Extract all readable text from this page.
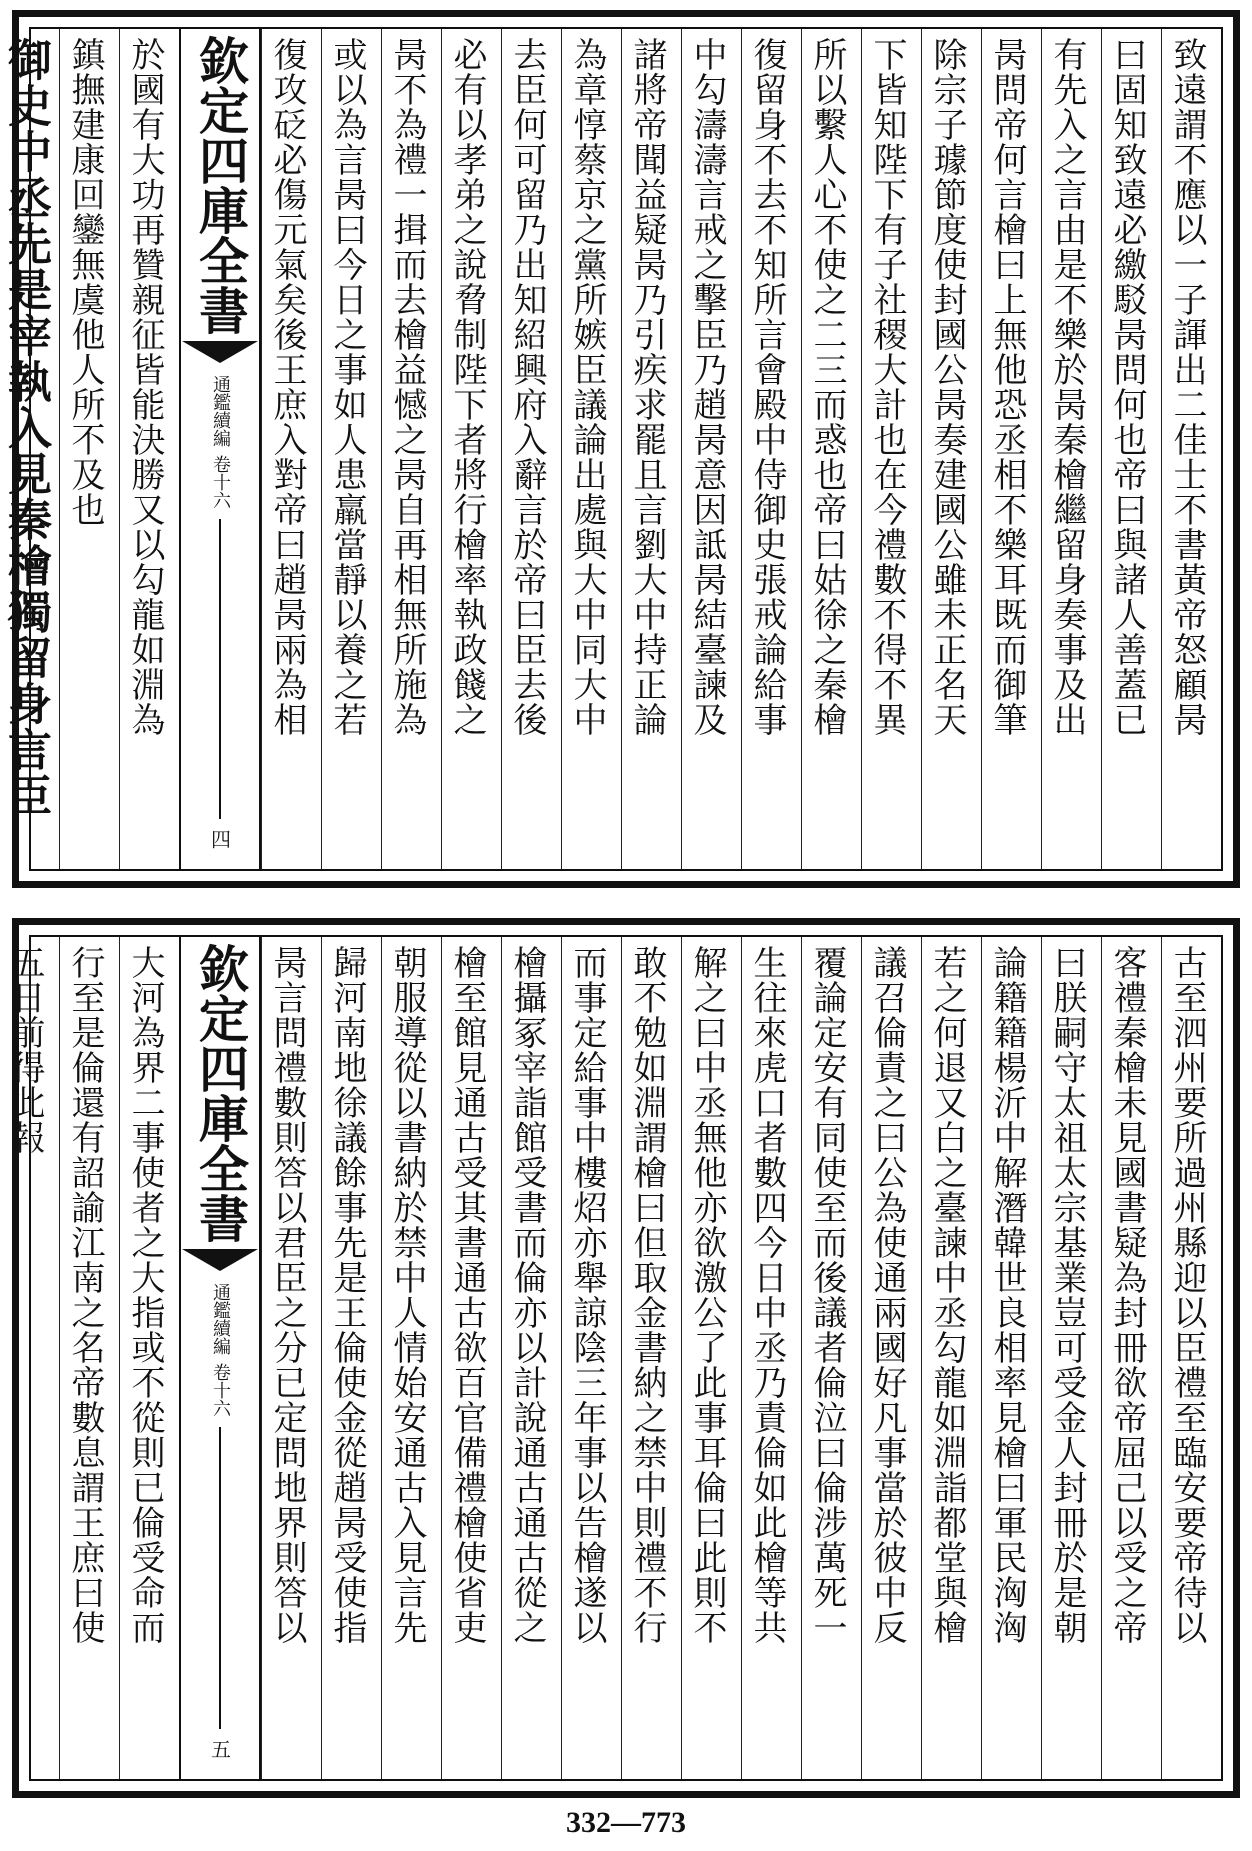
致遠謂不應以一子諢出二佳士不書黃帝怒顧昺
曰固知致遠必繳駁昺問何也帝曰與諸人善蓋已
有先入之言由是不樂於昺秦檜繼留身奏事及出
昺問帝何言檜曰上無他恐丞相不樂耳既而御筆
除宗子璩節度使封國公昺奏建國公雖未正名天
下皆知陛下有子社稷大計也在今禮數不得不異
所以繫人心不使之二三而惑也帝曰姑徐之秦檜
復留身不去不知所言會殿中侍御史張戒論給事
中勾濤濤言戒之擊臣乃趙昺意因詆昺結臺諫及
諸將帝聞益疑昺乃引疾求罷且言劉大中持正論
為章惇蔡京之黨所嫉臣議論出處與大中同大中
去臣何可留乃出知紹興府入辭言於帝曰臣去後
必有以孝弟之說脅制陛下者將行檜率執政餞之
昺不為禮一揖而去檜益憾之昺自再相無所施為
或以為言昺曰今日之事如人患羸當靜以養之若
復攻砭必傷元氣矣後王庶入對帝曰趙昺兩為相
欽定四庫全書
通鑑續編
卷十六
四
於國有大功再贊親征皆能決勝又以勾龍如淵為
鎮撫建康回鑾無虞他人所不及也
御史中丞先是宰執入見秦檜獨留身言臣
古至泗州要所過州縣迎以臣禮至臨安要帝待以
客禮秦檜未見國書疑為封冊欲帝屈己以受之帝
曰朕嗣守太祖太宗基業豈可受金人封冊於是朝
論籍籍楊沂中解潛韓世良相率見檜曰軍民洶洶
若之何退又白之臺諫中丞勾龍如淵詣都堂與檜
議召倫責之曰公為使通兩國好凡事當於彼中反
覆論定安有同使至而後議者倫泣曰倫涉萬死一
生往來虎口者數四今日中丞乃責倫如此檜等共
解之曰中丞無他亦欲激公了此事耳倫曰此則不
敢不勉如淵謂檜曰但取金書納之禁中則禮不行
而事定給事中樓炤亦舉諒陰三年事以告檜遂以
檜攝冢宰詣館受書而倫亦以計說通古通古從之
檜至館見通古受其書通古欲百官備禮檜使省吏
朝服導從以書納於禁中人情始安通古入見言先
歸河南地徐議餘事先是王倫使金從趙昺受使指
昺言問禮數則答以君臣之分已定問地界則答以
欽定四庫全書
通鑑續編
卷十六
五
大河為界二事使者之大指或不從則已倫受命而
行至是倫還有詔諭江南之名帝數息謂王庶曰使
五日前得此報
332—773
